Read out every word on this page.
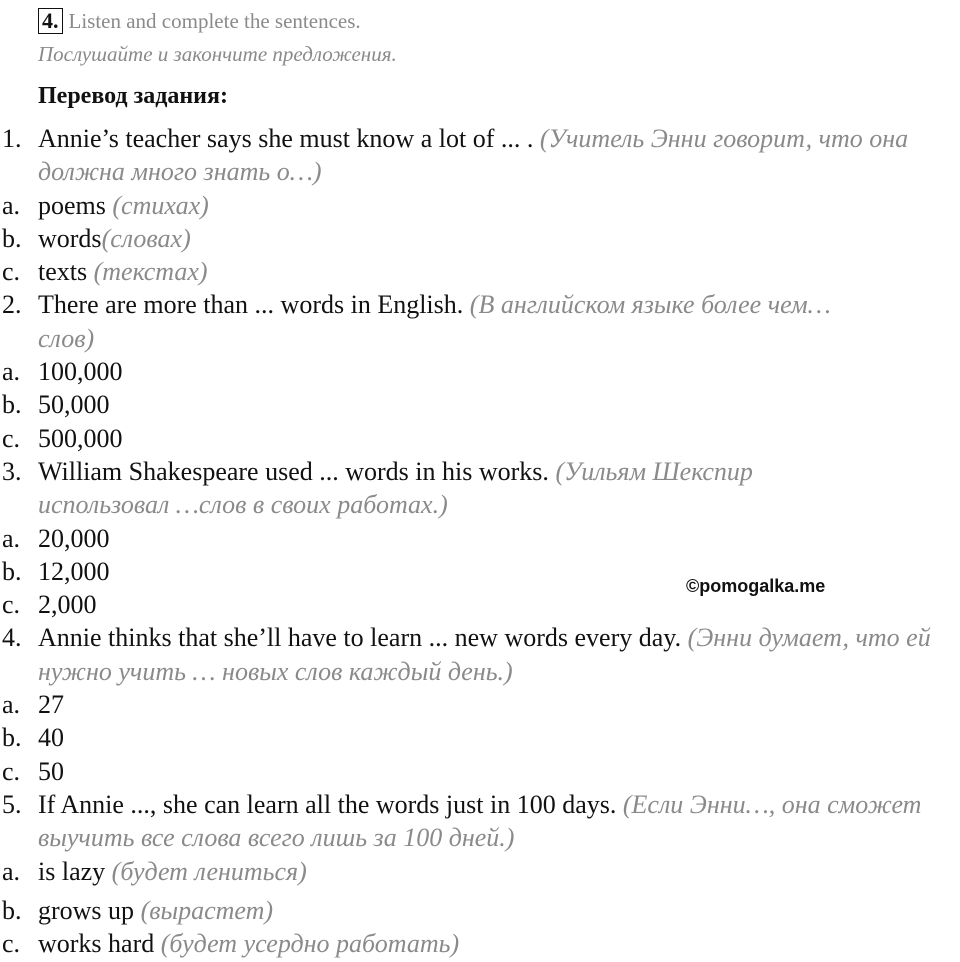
4. Listen and complete the sentences.
Послушайте и закончите предложения.
Перевод задания:
1. Annie’s teacher says she must know a lot of ... . (Учитель Энни говорит, что она должна много знать о…)
a. poems (стихах)
b. words(словах)
c. texts (текстах)
2. There are more than ... words in English. (В английском языке более чем…слов)
a. 100,000
b. 50,000
c. 500,000
3. William Shakespeare used ... words in his works. (Уильям Шекспир использовал …слов в своих работах.)
a. 20,000
b. 12,000
c. 2,000
4. Annie thinks that she’ll have to learn ... new words every day. (Энни думает, что ей нужно учить … новых слов каждый день.)
a. 27
b. 40
c. 50
5. If Annie ..., she can learn all the words just in 100 days. (Если Энни…, она сможет выучить все слова всего лишь за 100 дней.)
a. is lazy (будет лениться)
b. grows up (вырастет)
c. works hard (будет усердно работать)
©pomogalka.me
